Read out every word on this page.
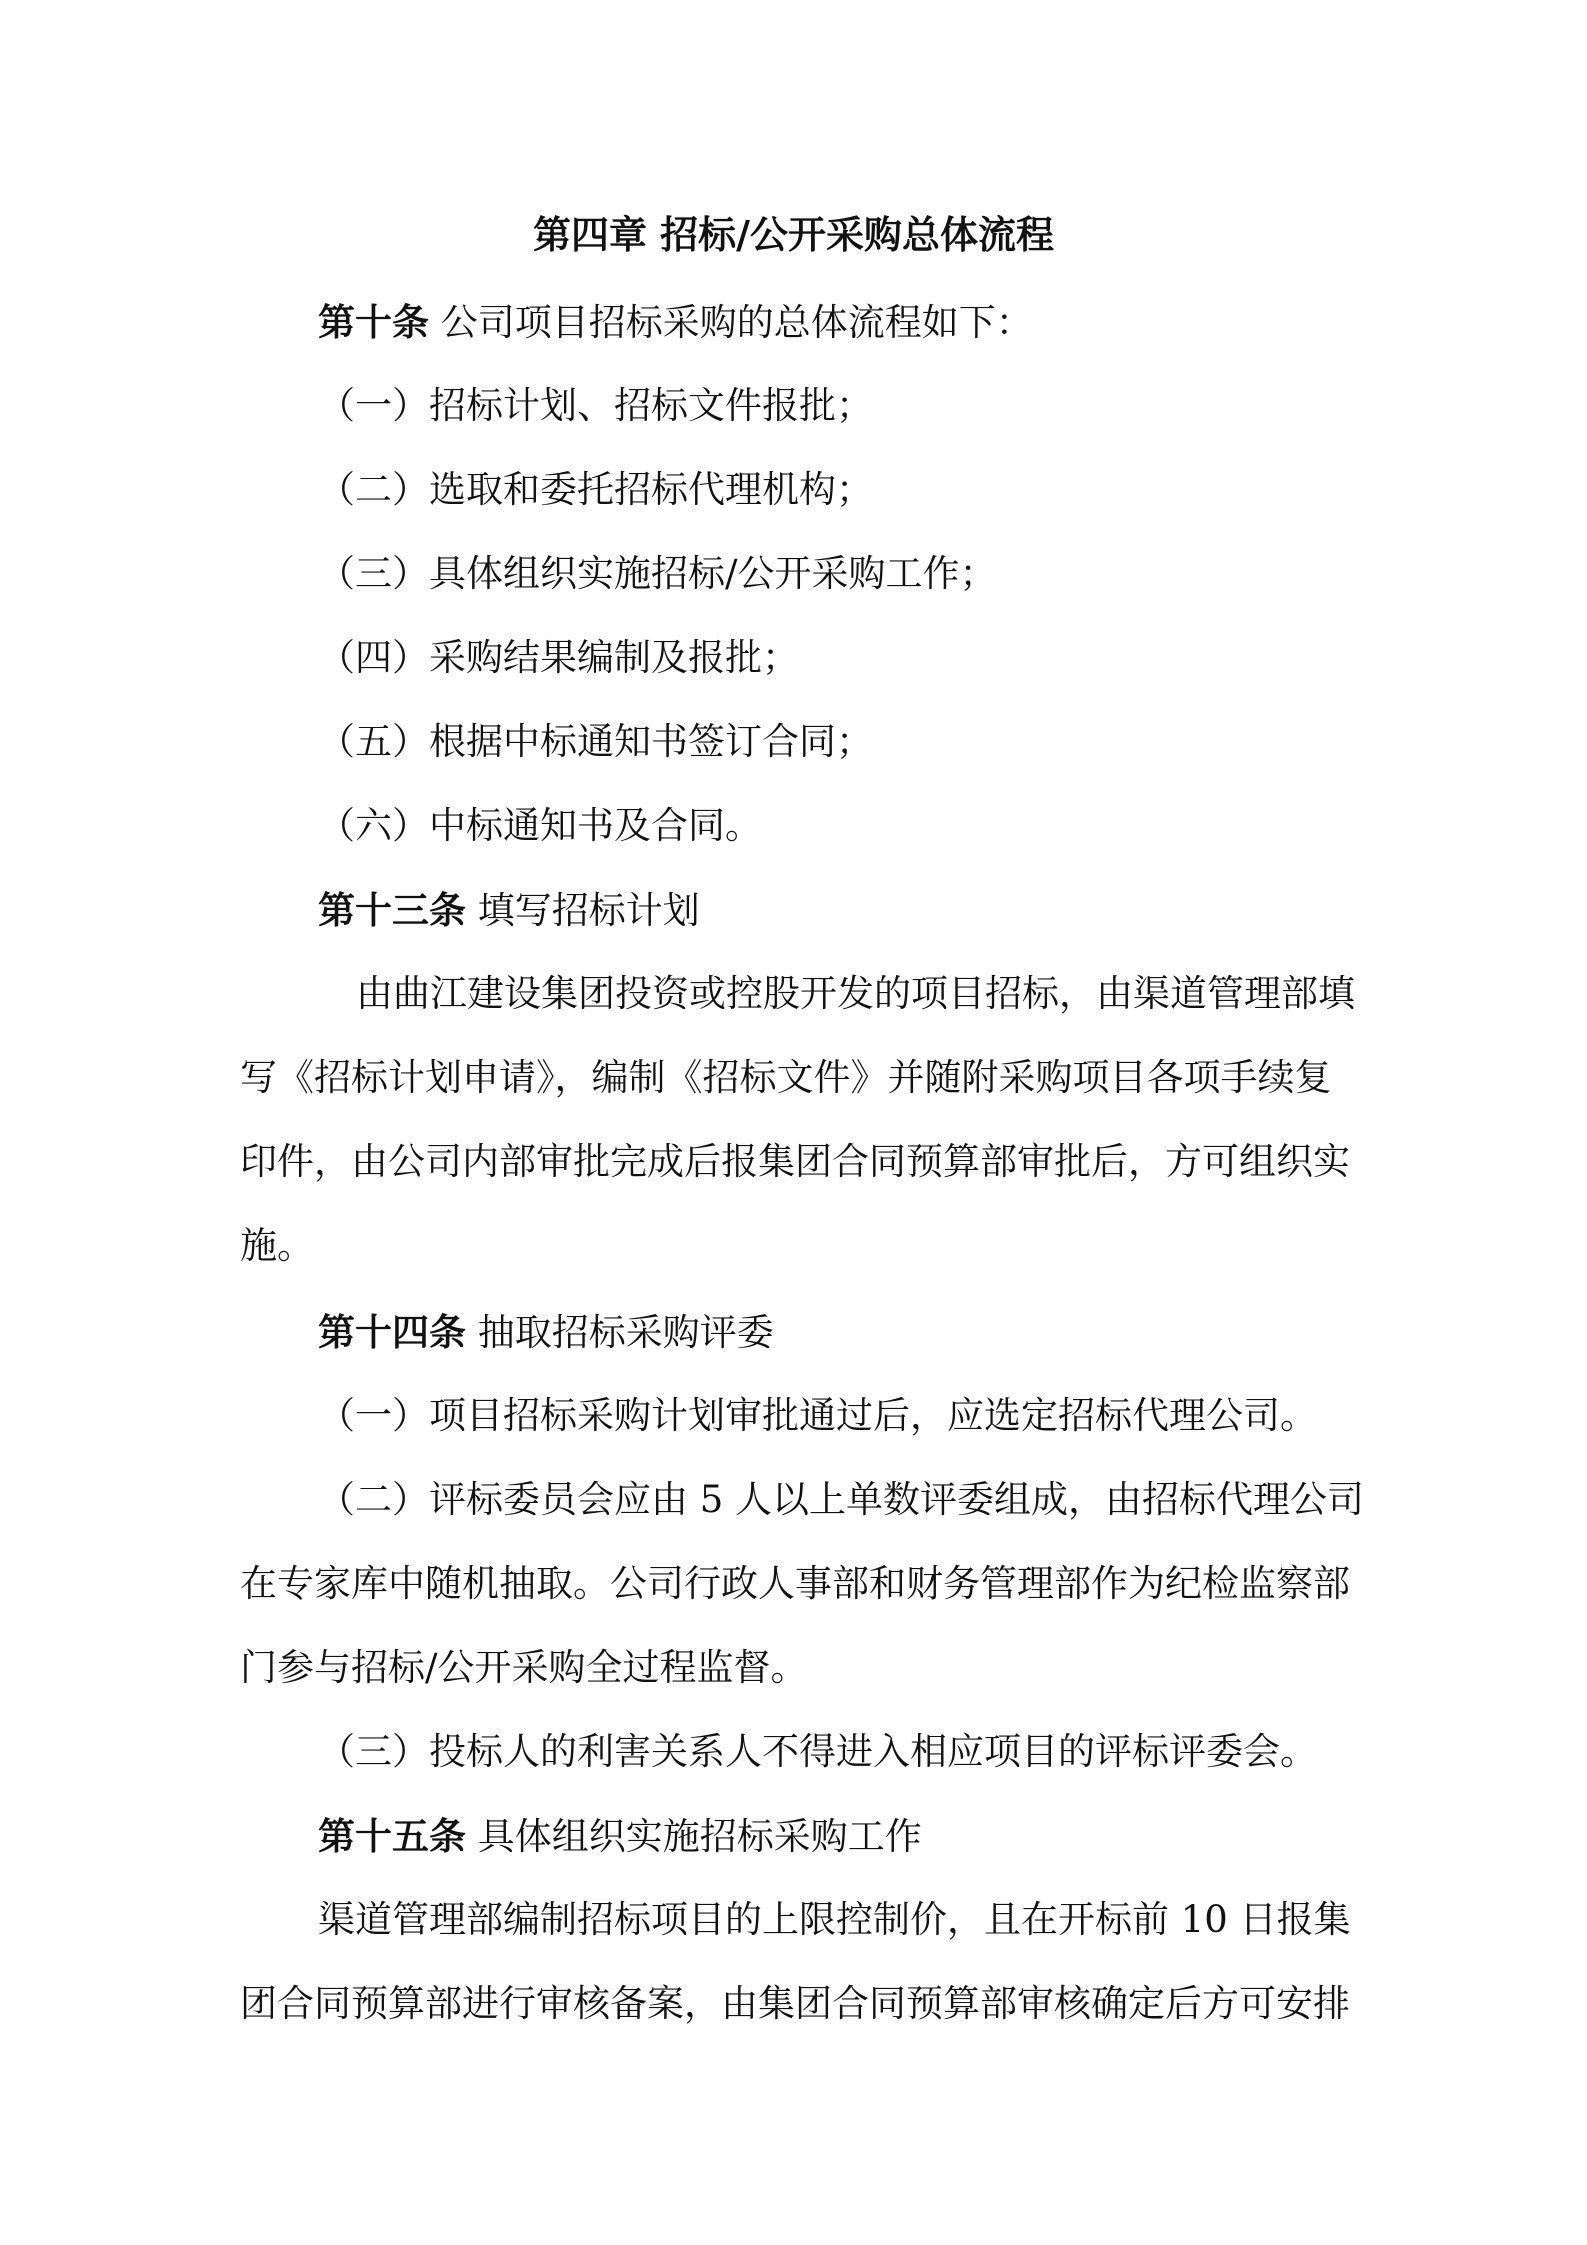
第四章 招标/公开采购总体流程

第十条 公司项目招标采购的总体流程如下：

（一）招标计划、招标文件报批；

（二）选取和委托招标代理机构；

（三）具体组织实施招标/公开采购工作；

（四）采购结果编制及报批；

（五）根据中标通知书签订合同；

（六）中标通知书及合同。

第十三条 填写招标计划

由曲江建设集团投资或控股开发的项目招标，由渠道管理部填

写《招标计划申请》，编制《招标文件》并随附采购项目各项手续复

印件，由公司内部审批完成后报集团合同预算部审批后，方可组织实

施。

第十四条 抽取招标采购评委

（一）项目招标采购计划审批通过后，应选定招标代理公司。

（二）评标委员会应由 5 人以上单数评委组成，由招标代理公司

在专家库中随机抽取。公司行政人事部和财务管理部作为纪检监察部

门参与招标/公开采购全过程监督。

（三）投标人的利害关系人不得进入相应项目的评标评委会。

第十五条 具体组织实施招标采购工作

渠道管理部编制招标项目的上限控制价，且在开标前 10 日报集

团合同预算部进行审核备案，由集团合同预算部审核确定后方可安排
